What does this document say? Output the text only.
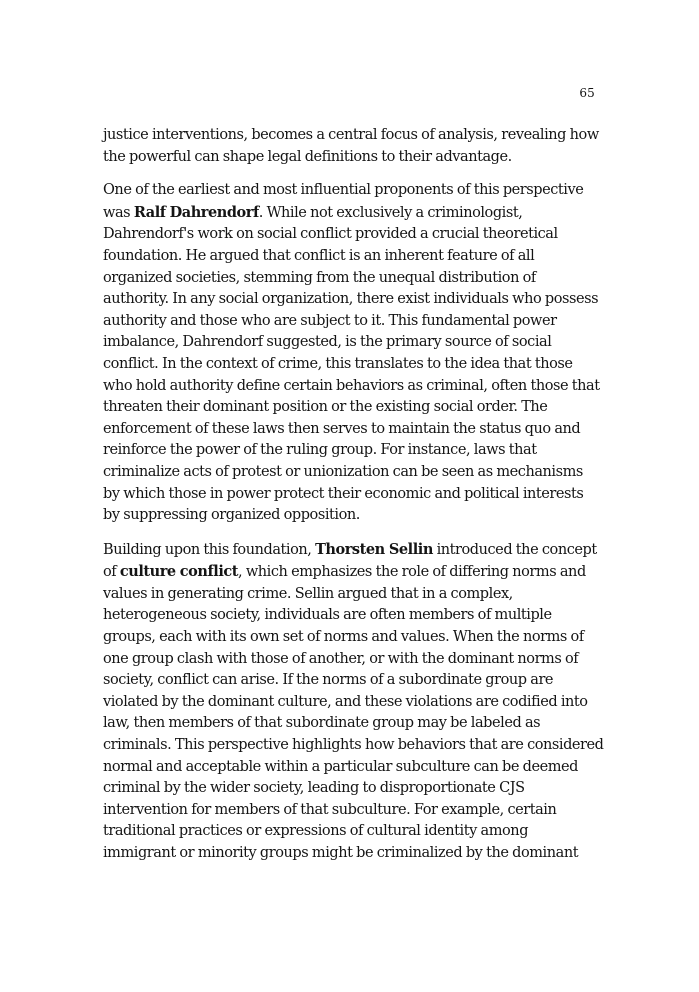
65

justice interventions, becomes a central focus of analysis, revealing how
the powerful can shape legal definitions to their advantage.

One of the earliest and most influential proponents of this perspective
was Ralf Dahrendorf. While not exclusively a criminologist,
Dahrendorf's work on social conflict provided a crucial theoretical
foundation. He argued that conflict is an inherent feature of all
organized societies, stemming from the unequal distribution of
authority. In any social organization, there exist individuals who possess
authority and those who are subject to it. This fundamental power
imbalance, Dahrendorf suggested, is the primary source of social
conflict. In the context of crime, this translates to the idea that those
who hold authority define certain behaviors as criminal, often those that
threaten their dominant position or the existing social order. The
enforcement of these laws then serves to maintain the status quo and
reinforce the power of the ruling group. For instance, laws that
criminalize acts of protest or unionization can be seen as mechanisms
by which those in power protect their economic and political interests
by suppressing organized opposition.

Building upon this foundation, Thorsten Sellin introduced the concept
of culture conflict, which emphasizes the role of differing norms and
values in generating crime. Sellin argued that in a complex,
heterogeneous society, individuals are often members of multiple
groups, each with its own set of norms and values. When the norms of
one group clash with those of another, or with the dominant norms of
society, conflict can arise. If the norms of a subordinate group are
violated by the dominant culture, and these violations are codified into
law, then members of that subordinate group may be labeled as
criminals. This perspective highlights how behaviors that are considered
normal and acceptable within a particular subculture can be deemed
criminal by the wider society, leading to disproportionate CJS
intervention for members of that subculture. For example, certain
traditional practices or expressions of cultural identity among
immigrant or minority groups might be criminalized by the dominant
